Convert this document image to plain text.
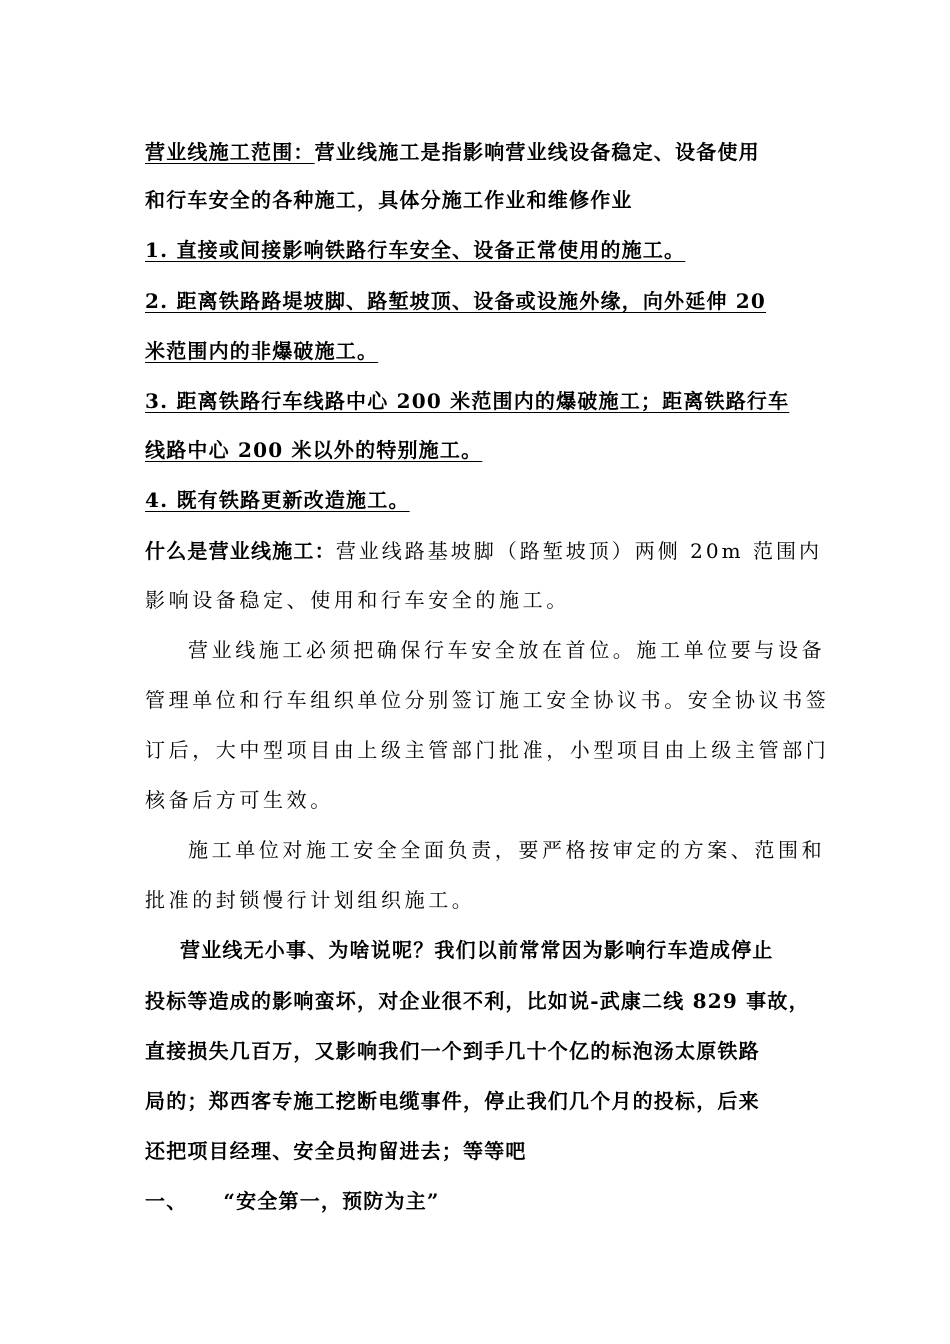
营业线施工范围：营业线施工是指影响营业线设备稳定、设备使用
和行车安全的各种施工，具体分施工作业和维修作业
1. 直接或间接影响铁路行车安全、设备正常使用的施工。
2. 距离铁路路堤坡脚、路堑坡顶、设备或设施外缘，向外延伸 20
米范围内的非爆破施工。
3. 距离铁路行车线路中心 200 米范围内的爆破施工；距离铁路行车
线路中心 200 米以外的特别施工。
4. 既有铁路更新改造施工。
什么是营业线施工：营业线路基坡脚（路堑坡顶）两侧 20m 范围内
影响设备稳定、使用和行车安全的施工。
营业线施工必须把确保行车安全放在首位。施工单位要与设备
管理单位和行车组织单位分别签订施工安全协议书。安全协议书签
订后，大中型项目由上级主管部门批准，小型项目由上级主管部门
核备后方可生效。
施工单位对施工安全全面负责，要严格按审定的方案、范围和
批准的封锁慢行计划组织施工。
营业线无小事、为啥说呢？我们以前常常因为影响行车造成停止
投标等造成的影响蛮坏，对企业很不利，比如说-武康二线 829 事故，
直接损失几百万，又影响我们一个到手几十个亿的标泡汤太原铁路
局的；郑西客专施工挖断电缆事件，停止我们几个月的投标，后来
还把项目经理、安全员拘留进去；等等吧
一、 “安全第一，预防为主”
